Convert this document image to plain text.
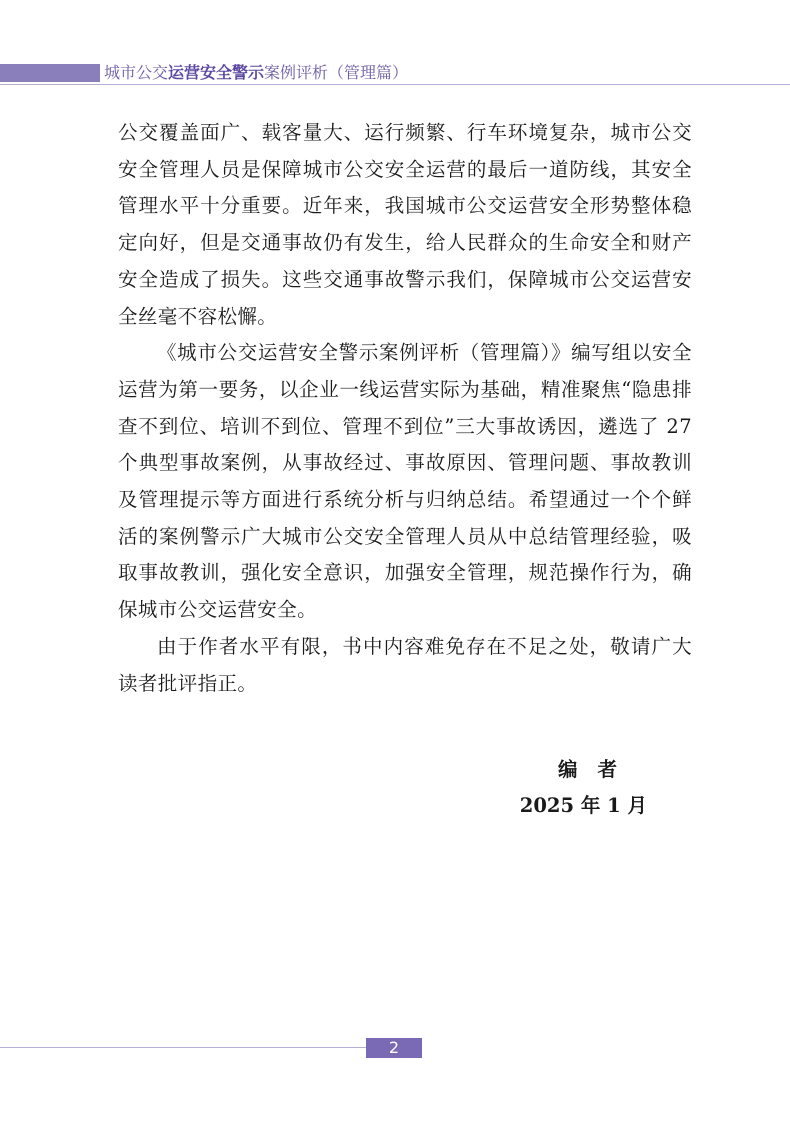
城市公交运营安全警示案例评析（管理篇）

公交覆盖面广、载客量大、运行频繁、行车环境复杂，城市公交安全管理人员是保障城市公交安全运营的最后一道防线，其安全管理水平十分重要。近年来，我国城市公交运营安全形势整体稳定向好，但是交通事故仍有发生，给人民群众的生命安全和财产安全造成了损失。这些交通事故警示我们，保障城市公交运营安全丝毫不容松懈。

《城市公交运营安全警示案例评析（管理篇）》编写组以安全运营为第一要务，以企业一线运营实际为基础，精准聚焦“隐患排查不到位、培训不到位、管理不到位”三大事故诱因，遴选了 27 个典型事故案例，从事故经过、事故原因、管理问题、事故教训及管理提示等方面进行系统分析与归纳总结。希望通过一个个鲜活的案例警示广大城市公交安全管理人员从中总结管理经验，吸取事故教训，强化安全意识，加强安全管理，规范操作行为，确保城市公交运营安全。

由于作者水平有限，书中内容难免存在不足之处，敬请广大读者批评指正。

编者
2025 年 1 月
2
